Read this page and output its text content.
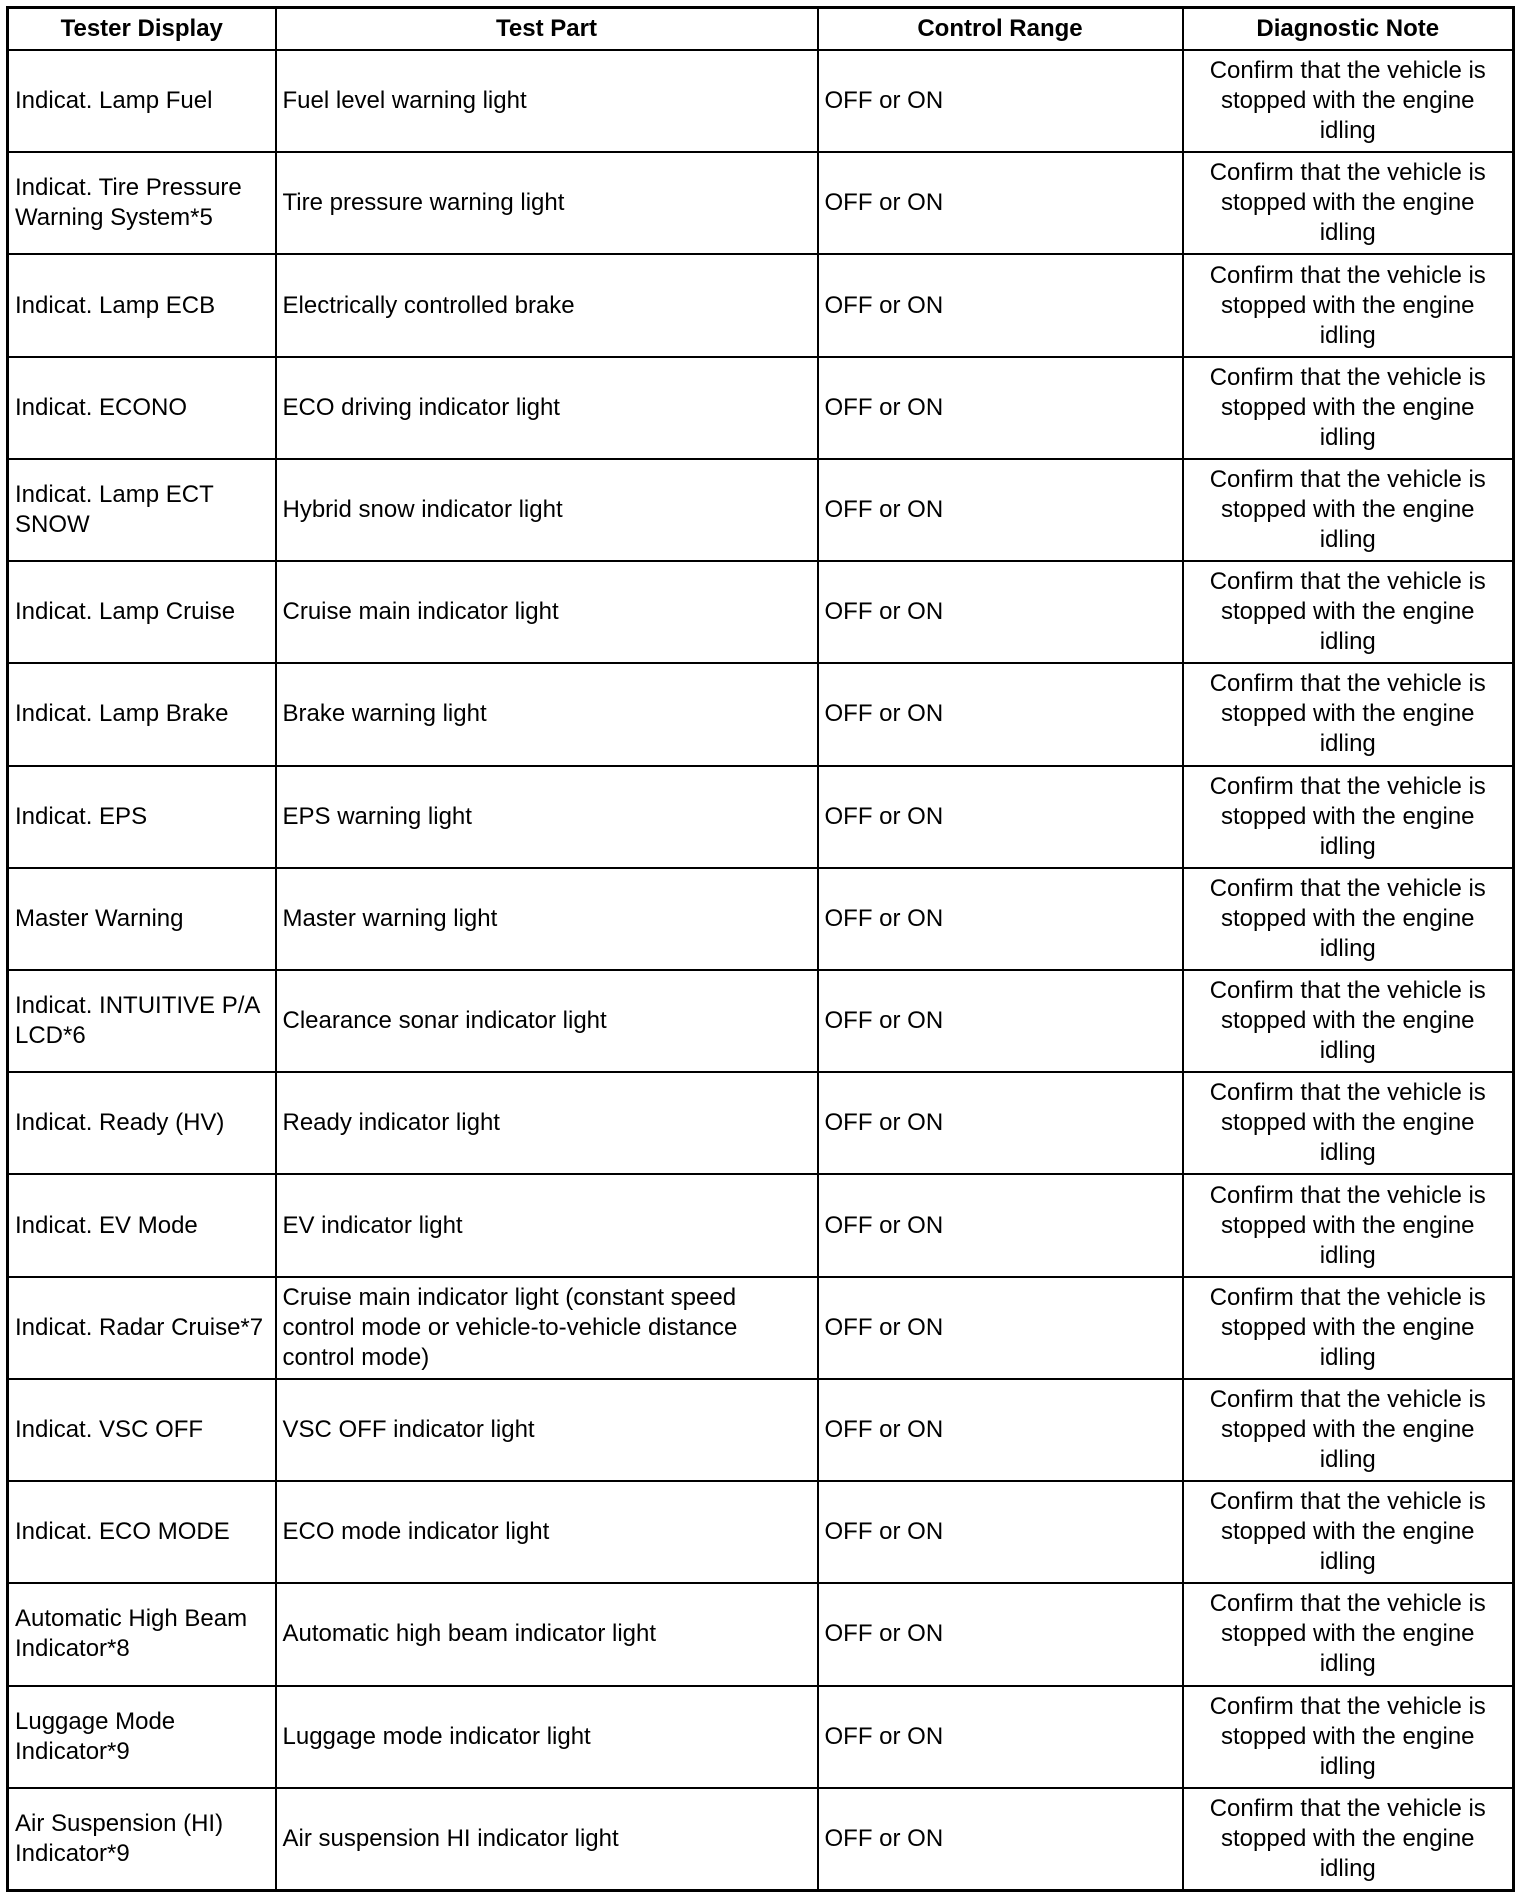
Tester Display	Test Part	Control Range	Diagnostic Note
Indicat. Lamp Fuel	Fuel level warning light	OFF or ON	Confirm that the vehicle is stopped with the engine idling
Indicat. Tire Pressure Warning System*5	Tire pressure warning light	OFF or ON	Confirm that the vehicle is stopped with the engine idling
Indicat. Lamp ECB	Electrically controlled brake	OFF or ON	Confirm that the vehicle is stopped with the engine idling
Indicat. ECONO	ECO driving indicator light	OFF or ON	Confirm that the vehicle is stopped with the engine idling
Indicat. Lamp ECT SNOW	Hybrid snow indicator light	OFF or ON	Confirm that the vehicle is stopped with the engine idling
Indicat. Lamp Cruise	Cruise main indicator light	OFF or ON	Confirm that the vehicle is stopped with the engine idling
Indicat. Lamp Brake	Brake warning light	OFF or ON	Confirm that the vehicle is stopped with the engine idling
Indicat. EPS	EPS warning light	OFF or ON	Confirm that the vehicle is stopped with the engine idling
Master Warning	Master warning light	OFF or ON	Confirm that the vehicle is stopped with the engine idling
Indicat. INTUITIVE P/A LCD*6	Clearance sonar indicator light	OFF or ON	Confirm that the vehicle is stopped with the engine idling
Indicat. Ready (HV)	Ready indicator light	OFF or ON	Confirm that the vehicle is stopped with the engine idling
Indicat. EV Mode	EV indicator light	OFF or ON	Confirm that the vehicle is stopped with the engine idling
Indicat. Radar Cruise*7	Cruise main indicator light (constant speed control mode or vehicle-to-vehicle distance control mode)	OFF or ON	Confirm that the vehicle is stopped with the engine idling
Indicat. VSC OFF	VSC OFF indicator light	OFF or ON	Confirm that the vehicle is stopped with the engine idling
Indicat. ECO MODE	ECO mode indicator light	OFF or ON	Confirm that the vehicle is stopped with the engine idling
Automatic High Beam Indicator*8	Automatic high beam indicator light	OFF or ON	Confirm that the vehicle is stopped with the engine idling
Luggage Mode Indicator*9	Luggage mode indicator light	OFF or ON	Confirm that the vehicle is stopped with the engine idling
Air Suspension (HI) Indicator*9	Air suspension HI indicator light	OFF or ON	Confirm that the vehicle is stopped with the engine idling
